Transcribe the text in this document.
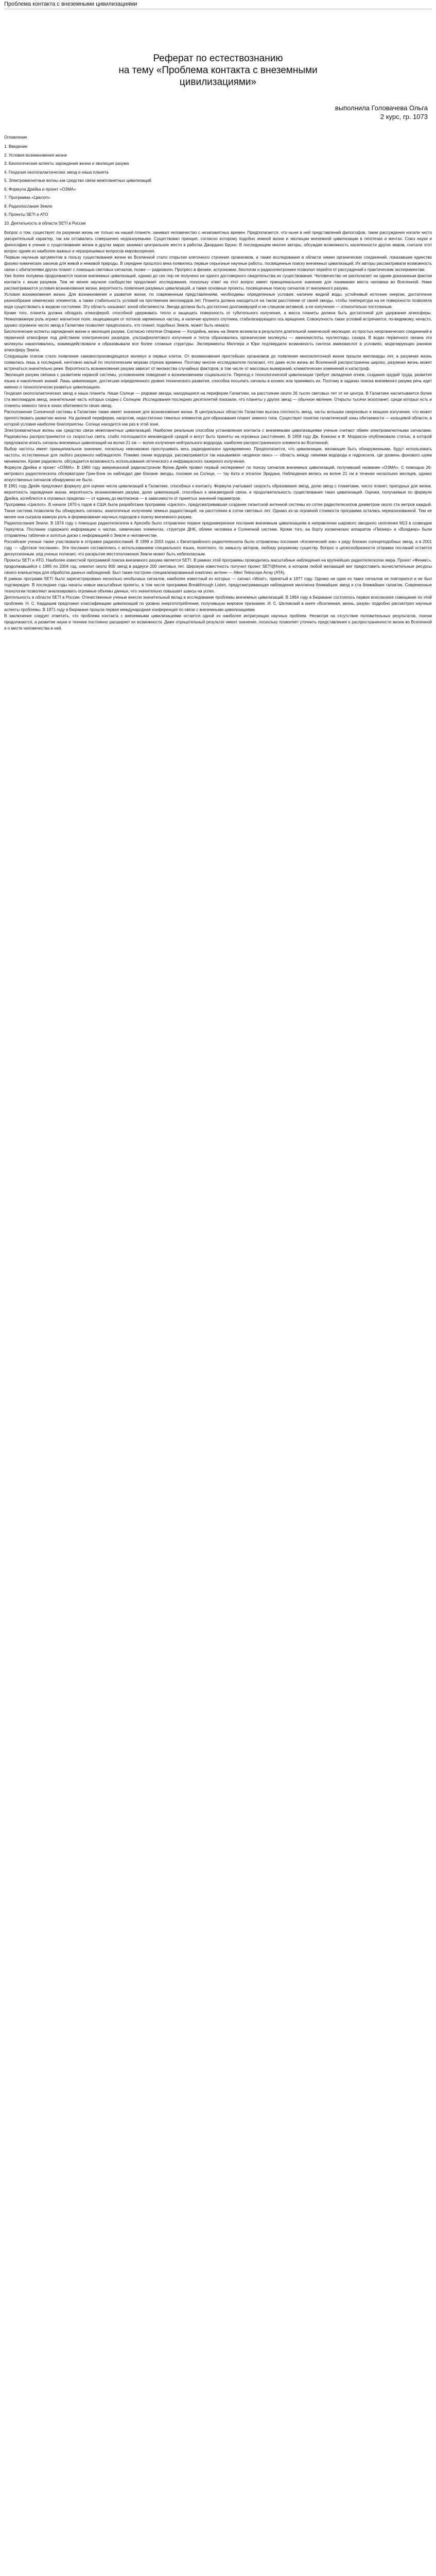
Проблема контакта с внеземными цивилизациями
Реферат по естествознанию
на тему «Проблема контакта с внеземными
цивилизациями»
выполнила Головачева Ольга
2 курс, гр. 1073
Оглавление
1. Введение
2. Условия возникновения жизни
3. Биологические аспекты зарождения жизни и эволюция разума
4. Геодезия окологалактических звезд и наша планета
5. Электромагнитные волны как средство связи межпланетных цивилизаций
6. Формула Дрейка и проект «ОЗМА»
7. Программа «Циклоп»
8. Радиопослания Земли
9. Проекты SETI и АТО
10. Деятельность в области SETI в России

Вопрос о том, существует ли разумная жизнь не только на нашей планете, занимал человечество с незапамятных времен. Предполагается, что ныне в ней представлений философов, такие рассуждения носили чисто умозрительный характер, так как оставались совершенно недоказуемыми. Существовал принцип, согласно которому подобно земной жизни и эволюции внеземной цивилизации в гипотезах и мечтах. Союз науки и философии в учение о существование жизни в других мирах занимал центральное место в работах Джордано Бруно. В последующем многие авторы, обсуждая возможность населенности других миров, считали этот вопрос одним из наиболее важных и неразрешимых вопросов мировоззрения.

Первым научным аргументом в пользу существования жизни во Вселенной стало открытие клеточного строения организмов, а также исследования в области химии органических соединений, показавшие единство физико-химических законов для живой и неживой природы. В середине прошлого века появились первые серьезные научные работы, посвященные поиску внеземных цивилизаций. Их авторы рассматривали возможность связи с обитателями других планет с помощью световых сигналов, позже — радиоволн. Прогресс в физике, астрономии, биологии и радиоэлектронике позволил перейти от рассуждений к практическим экспериментам.

Уже более полувека продолжаются поиски внеземных цивилизаций, однако до сих пор не получено ни одного достоверного свидетельства их существования. Человечество не располагает ни одним доказанным фактом контакта с иным разумом. Тем не менее научное сообщество продолжает исследования, поскольку ответ на этот вопрос имеет принципиальное значение для понимания места человека во Вселенной. Ниже рассматриваются условия возникновения жизни, вероятность появления разумных цивилизаций, а также основные проекты, посвященные поиску сигналов от внеземного разума.

Условия возникновения жизни. Для возникновения и развития жизни, по современным представлениям, необходимы определенные условия: наличие жидкой воды, устойчивый источник энергии, достаточное разнообразие химических элементов, а также стабильность условий на протяжении миллиардов лет. Планета должна находиться на таком расстоянии от своей звезды, чтобы температура на ее поверхности позволяла воде существовать в жидком состоянии. Эту область называют зоной обитаемости. Звезда должна быть достаточно долгоживущей и не слишком активной, а ее излучение — относительно постоянным.

Кроме того, планета должна обладать атмосферой, способной удерживать тепло и защищать поверхность от губительного излучения, а масса планеты должна быть достаточной для удержания атмосферы. Немаловажную роль играют магнитное поле, защищающее от потоков заряженных частиц, и наличие крупного спутника, стабилизирующего ось вращения. Совокупность таких условий встречается, по-видимому, нечасто, однако огромное число звезд в Галактике позволяет предполагать, что планет, подобных Земле, может быть немало.

Биологические аспекты зарождения жизни и эволюция разума. Согласно гипотезе Опарина — Холдейна, жизнь на Земле возникла в результате длительной химической эволюции: из простых неорганических соединений в первичной атмосфере под действием электрических разрядов, ультрафиолетового излучения и тепла образовались органические молекулы — аминокислоты, нуклеотиды, сахара. В водах первичного океана эти молекулы накапливались, взаимодействовали и образовывали все более сложные структуры. Эксперименты Миллера и Юри подтвердили возможность синтеза аминокислот в условиях, моделирующих раннюю атмосферу Земли.

Следующим этапом стало появление самовоспроизводящихся молекул и первых клеток. От возникновения простейших организмов до появления многоклеточной жизни прошли миллиарды лет, а разумная жизнь появилась лишь в последний, ничтожно малый по геологическим меркам отрезок времени. Поэтому многие исследователи полагают, что даже если жизнь во Вселенной распространена широко, разумная жизнь может встречаться значительно реже. Вероятность возникновения разума зависит от множества случайных факторов, в том числе от массовых вымираний, климатических изменений и катастроф.

Эволюция разума связана с развитием нервной системы, усложнением поведения и возникновением социальности. Переход к технологической цивилизации требует овладения огнем, создания орудий труда, развития языка и накопления знаний. Лишь цивилизация, достигшая определенного уровня технического развития, способна посылать сигналы в космос или принимать их. Поэтому в задачах поиска внеземного разума речь идет именно о технологически развитых цивилизациях.

Геодезия окологалактических звезд и наша планета. Наше Солнце — рядовая звезда, находящаяся на периферии Галактики, на расстоянии около 26 тысяч световых лет от ее центра. В Галактике насчитывается более ста миллиардов звезд, значительная часть которых сходна с Солнцем. Исследования последних десятилетий показали, что планеты у других звезд — обычное явление. Открыты тысячи экзопланет, среди которых есть и планеты земного типа в зонах обитаемости своих звезд.

Расположение Солнечной системы в Галактике также имеет значение для возникновения жизни. В центральных областях Галактики высока плотность звезд, часты вспышки сверхновых и мощное излучение, что может препятствовать развитию жизни. На далекой периферии, напротив, недостаточно тяжелых элементов для образования планет земного типа. Существует понятие галактической зоны обитаемости — кольцевой области, в которой условия наиболее благоприятны. Солнце находится как раз в этой зоне.

Электромагнитные волны как средство связи межпланетных цивилизаций. Наиболее реальным способом установления контакта с внеземными цивилизациями ученые считают обмен электромагнитными сигналами. Радиоволны распространяются со скоростью света, слабо поглощаются межзвездной средой и могут быть приняты на огромных расстояниях. В 1959 году Дж. Коккони и Ф. Моррисон опубликовали статью, в которой предложили искать сигналы внеземных цивилизаций на волне 21 см — волне излучения нейтрального водорода, наиболее распространенного элемента во Вселенной.

Выбор частоты имеет принципиальное значение, поскольку невозможно прослушивать весь радиодиапазон одновременно. Предполагается, что цивилизации, желающие быть обнаруженными, будут использовать частоты, естественные для любого разумного наблюдателя. Помимо линии водорода, рассматривается так называемое «водяное окно» — область между линиями водорода и гидроксила, где уровень фонового шума минимален. Кроме радиоволн, обсуждается возможность использования оптического и инфракрасного лазерного излучения.

Формула Дрейка и проект «ОЗМА». В 1960 году американский радиоастроном Фрэнк Дрейк провел первый эксперимент по поиску сигналов внеземных цивилизаций, получивший название «ОЗМА». С помощью 26-метрового радиотелескопа обсерватории Грин-Бэнк он наблюдал две близкие звезды, похожие на Солнце, — тау Кита и эпсилон Эридана. Наблюдения велись на волне 21 см в течение нескольких месяцев, однако искусственных сигналов обнаружено не было.

В 1961 году Дрейк предложил формулу для оценки числа цивилизаций в Галактике, способных к контакту. Формула учитывает скорость образования звезд, долю звезд с планетами, число планет, пригодных для жизни, вероятность зарождения жизни, вероятность возникновения разума, долю цивилизаций, способных к межзвездной связи, и продолжительность существования таких цивилизаций. Оценки, получаемые по формуле Дрейка, колеблются в огромных пределах — от единиц до миллионов — в зависимости от принятых значений параметров.

Программа «Циклоп». В начале 1970-х годов в США была разработана программа «Циклоп», предусматривавшая создание гигантской антенной системы из сотен радиотелескопов диаметром около ста метров каждый. Такая система позволила бы обнаружить сигналы, аналогичные излучению земных радиостанций, на расстоянии в сотни световых лет. Однако из-за огромной стоимости программа осталась нереализованной. Тем не менее она сыграла важную роль в формировании научных подходов к поиску внеземного разума.

Радиопослания Земли. В 1974 году с помощью радиотелескопа в Аресибо было отправлено первое преднамеренное послание внеземным цивилизациям в направлении шарового звездного скопления М13 в созвездии Геркулеса. Послание содержало информацию о числах, химических элементах, структуре ДНК, облике человека и Солнечной системе. Кроме того, на борту космических аппаратов «Пионер» и «Вояджер» были отправлены таблички и золотые диски с информацией о Земле и человечестве.

Российские ученые также участвовали в отправке радиопосланий. В 1999 и 2003 годах с Евпаторийского радиотелескопа были отправлены послания «Космический зов» к ряду близких солнцеподобных звезд, а в 2001 году — «Детское послание». Эти послания составлялись с использованием специального языка, понятного, по замыслу авторов, любому разумному существу. Вопрос о целесообразности отправки посланий остается дискуссионным: ряд ученых полагает, что раскрытие местоположения Земли может быть небезопасным.

Проекты SETI и АТО. Наиболее известной программой поиска внеземного разума является SETI. В рамках этой программы проводились масштабные наблюдения на крупнейших радиотелескопах мира. Проект «Феникс», продолжавшийся с 1995 по 2004 год, охватил около 800 звезд в радиусе 200 световых лет. Широкую известность получил проект SETI@home, в котором любой желающий мог предоставить вычислительные ресурсы своего компьютера для обработки данных наблюдений. Был также построен специализированный комплекс антенн — Allen Telescope Array (ATA).

В рамках программ SETI было зарегистрировано несколько необычных сигналов, наиболее известный из которых — сигнал «Wow!», принятый в 1977 году. Однако ни один из таких сигналов не повторился и не был подтвержден. В последние годы начаты новые масштабные проекты, в том числе программа Breakthrough Listen, предусматривающая наблюдение миллиона ближайших звезд и ста ближайших галактик. Современные технологии позволяют анализировать огромные объемы данных, что значительно повышает шансы на успех.

Деятельность в области SETI в России. Отечественные ученые внесли значительный вклад в исследование проблемы внеземных цивилизаций. В 1964 году в Бюракане состоялось первое всесоюзное совещание по этой проблеме. Н. С. Кардашев предложил классификацию цивилизаций по уровню энергопотребления, получившую мировое признание. И. С. Шкловский в книге «Вселенная, жизнь, разум» подробно рассмотрел научные аспекты проблемы. В 1971 году в Бюракане прошла первая международная конференция по связи с внеземными цивилизациями.

В заключение следует отметить, что проблема контакта с внеземными цивилизациями остается одной из наиболее интригующих научных проблем. Несмотря на отсутствие положительных результатов, поиски продолжаются, а развитие науки и техники постоянно расширяет их возможности. Даже отрицательный результат имеет значение, поскольку позволяет уточнить представления о распространенности жизни во Вселенной и о месте человечества в ней.
